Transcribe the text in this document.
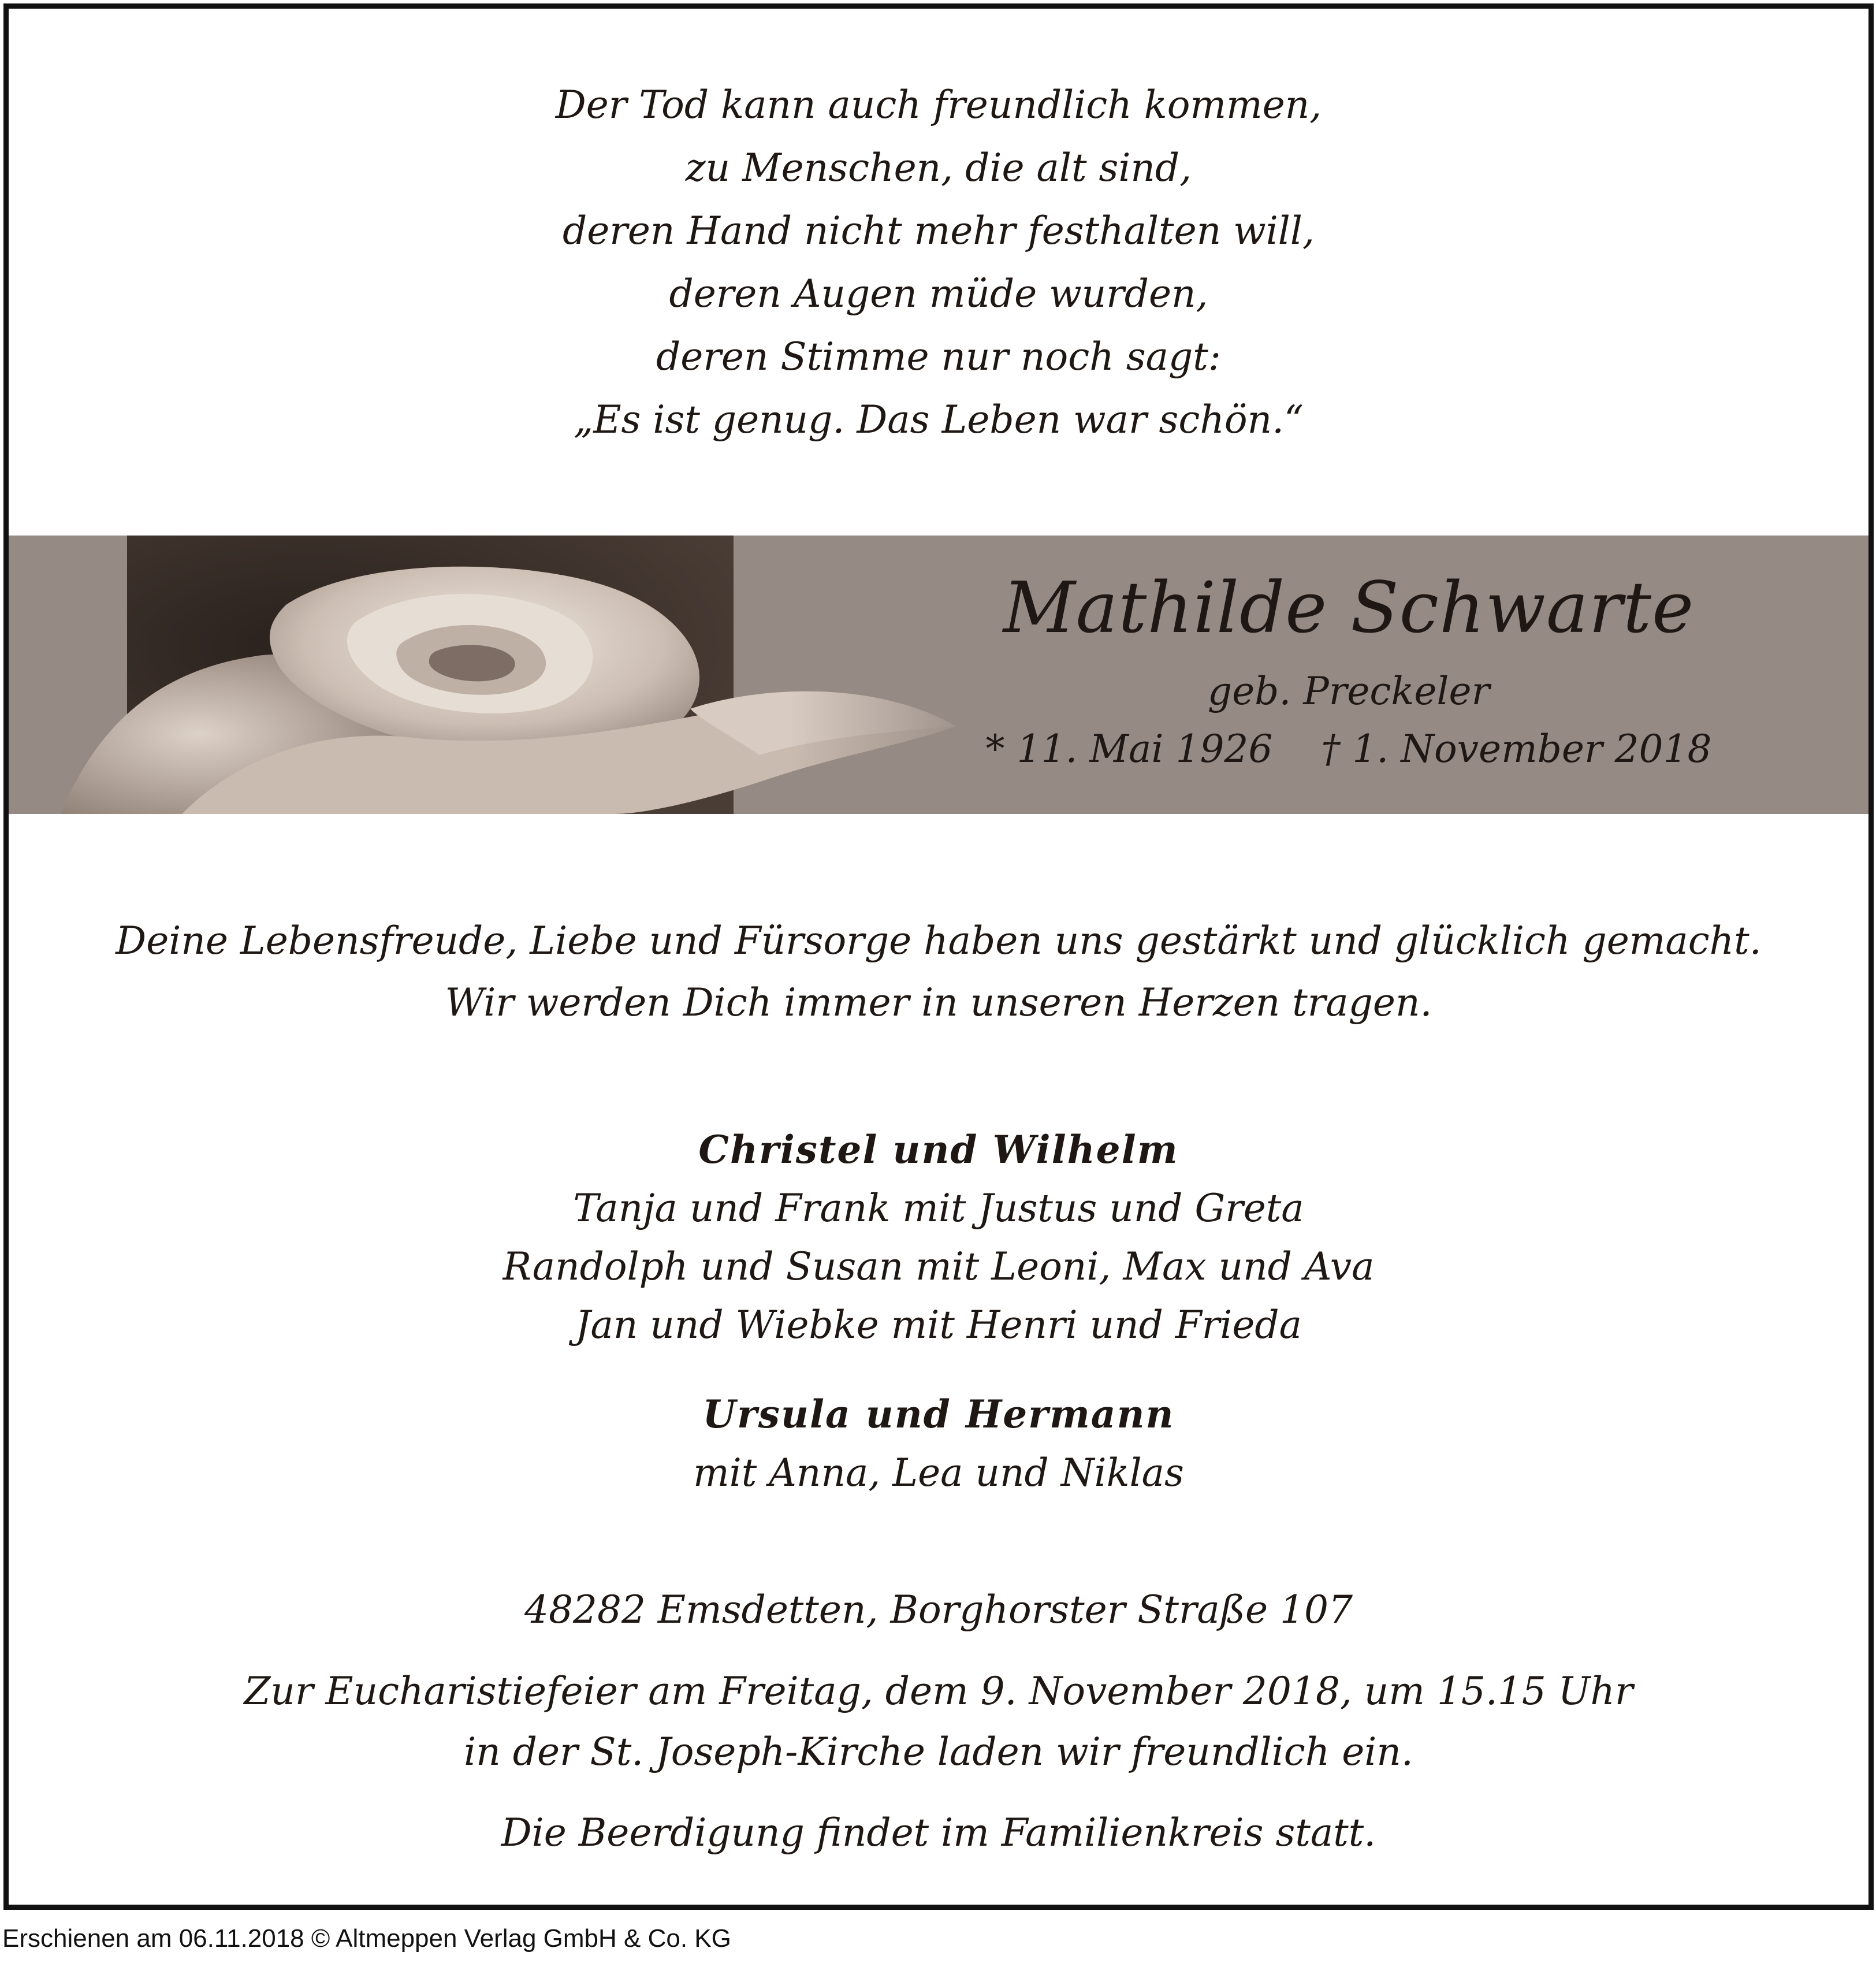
Der Tod kann auch freundlich kommen,
zu Menschen, die alt sind,
deren Hand nicht mehr festhalten will,
deren Augen müde wurden,
deren Stimme nur noch sagt:
„Es ist genug. Das Leben war schön.“
Mathilde Schwarte
geb. Preckeler
* 11. Mai 1926    † 1. November 2018
Deine Lebensfreude, Liebe und Fürsorge haben uns gestärkt und glücklich gemacht.
Wir werden Dich immer in unseren Herzen tragen.
Christel und Wilhelm
Tanja und Frank mit Justus und Greta
Randolph und Susan mit Leoni, Max und Ava
Jan und Wiebke mit Henri und Frieda
Ursula und Hermann
mit Anna, Lea und Niklas
48282 Emsdetten, Borghorster Straße 107
Zur Eucharistiefeier am Freitag, dem 9. November 2018, um 15.15 Uhr
in der St. Joseph-Kirche laden wir freundlich ein.
Die Beerdigung findet im Familienkreis statt.
Erschienen am 06.11.2018 © Altmeppen Verlag GmbH & Co. KG
